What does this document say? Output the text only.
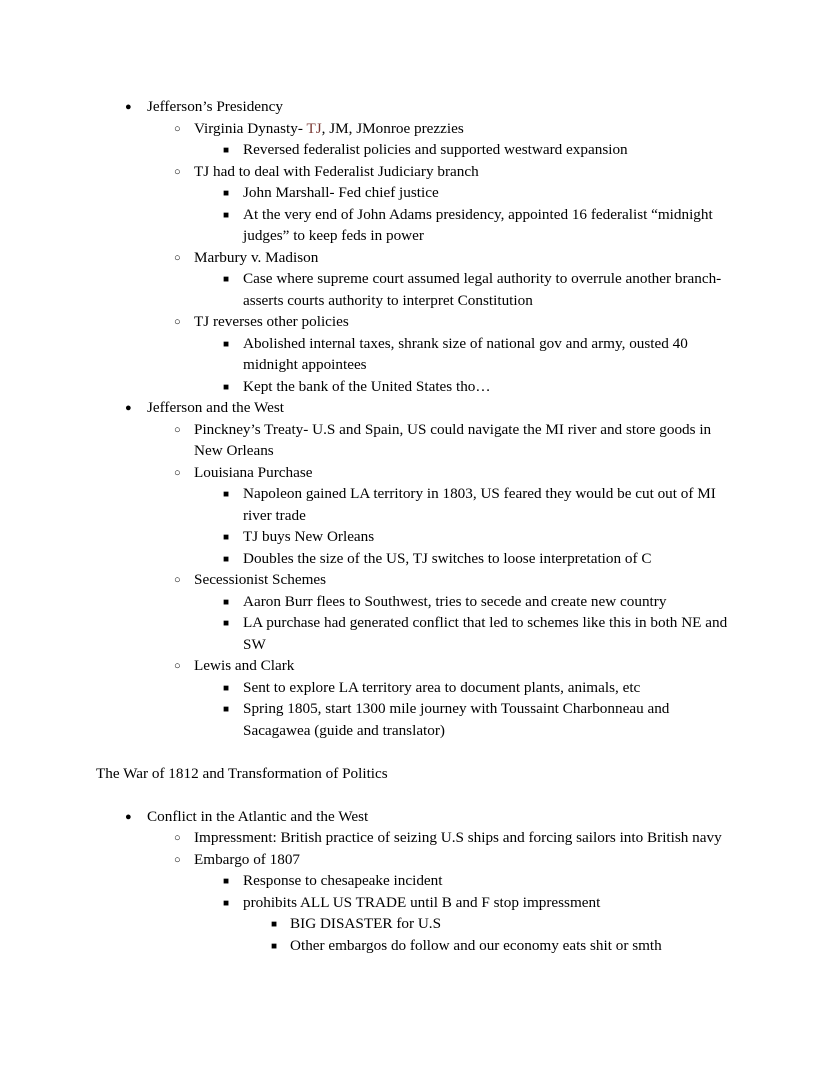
●	Jefferson’s Presidency
○ Virginia Dynasty- TJ, JM, JMonroe prezzies
■ Reversed federalist policies and supported westward expansion
○ TJ had to deal with Federalist Judiciary branch
■ John Marshall- Fed chief justice
■ At the very end of John Adams presidency, appointed 16 federalist “midnight judges” to keep feds in power
○ Marbury v. Madison
■ Case where supreme court assumed legal authority to overrule another branch- asserts courts authority to interpret Constitution
○ TJ reverses other policies
■ Abolished internal taxes, shrank size of national gov and army, ousted 40 midnight appointees
■ Kept the bank of the United States tho…
●	Jefferson and the West
○ Pinckney’s Treaty- U.S and Spain, US could navigate the MI river and store goods in New Orleans
○ Louisiana Purchase
■ Napoleon gained LA territory in 1803, US feared they would be cut out of MI river trade
■ TJ buys New Orleans
■ Doubles the size of the US, TJ switches to loose interpretation of C
○ Secessionist Schemes
■ Aaron Burr flees to Southwest, tries to secede and create new country
■ LA purchase had generated conflict that led to schemes like this in both NE and SW
○ Lewis and Clark
■ Sent to explore LA territory area to document plants, animals, etc
■ Spring 1805, start 1300 mile journey with Toussaint Charbonneau and Sacagawea (guide and translator)
The War of 1812 and Transformation of Politics
●	Conflict in the Atlantic and the West
○ Impressment: British practice of seizing U.S ships and forcing sailors into British navy
○ Embargo of 1807
■ Response to chesapeake incident
■ prohibits ALL US TRADE until B and F stop impressment
■ BIG DISASTER for U.S
■ Other embargos do follow and our economy eats shit or smth
